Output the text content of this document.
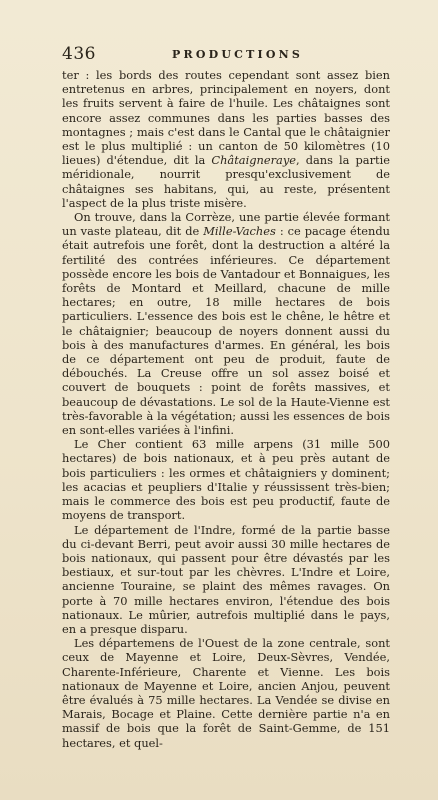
436	PRODUCTIONS

ter : les bords des routes cependant sont assez bien entretenus en arbres, principalement en noyers, dont les fruits servent à faire de l'huile. Les châtaignes sont encore assez communes dans les parties basses des montagnes ; mais c'est dans le Cantal que le châtaignier est le plus multiplié : un canton de 50 kilomètres (10 lieues) d'étendue, dit la Châtaigneraye, dans la partie méridionale, nourrit presqu'exclusivement de châtaignes ses habitans, qui, au reste, présentent l'aspect de la plus triste misère.

On trouve, dans la Corrèze, une partie élevée formant un vaste plateau, dit de Mille-Vaches : ce pacage étendu était autrefois une forêt, dont la destruction a altéré la fertilité des contrées inférieures. Ce département possède encore les bois de Vantadour et Bonnaigues, les forêts de Montard et Meillard, chacune de mille hectares; en outre, 18 mille hectares de bois particuliers. L'essence des bois est le chêne, le hêtre et le châtaignier; beaucoup de noyers donnent aussi du bois à des manufactures d'armes. En général, les bois de ce département ont peu de produit, faute de débouchés. La Creuse offre un sol assez boisé et couvert de bouquets : point de forêts massives, et beaucoup de dévastations. Le sol de la Haute-Vienne est très-favorable à la végétation; aussi les essences de bois en sont-elles variées à l'infini.

Le Cher contient 63 mille arpens (31 mille 500 hectares) de bois nationaux, et à peu près autant de bois particuliers : les ormes et châtaigniers y dominent; les acacias et peupliers d'Italie y réussissent très-bien; mais le commerce des bois est peu productif, faute de moyens de transport.

Le département de l'Indre, formé de la partie basse du ci-devant Berri, peut avoir aussi 30 mille hectares de bois nationaux, qui passent pour être dévastés par les bestiaux, et sur-tout par les chèvres. L'Indre et Loire, ancienne Touraine, se plaint des mêmes ravages. On porte à 70 mille hectares environ, l'étendue des bois nationaux. Le mûrier, autrefois multiplié dans le pays, en a presque disparu.

Les départemens de l'Ouest de la zone centrale, sont ceux de Mayenne et Loire, Deux-Sèvres, Vendée, Charente-Inférieure, Charente et Vienne. Les bois nationaux de Mayenne et Loire, ancien Anjou, peuvent être évalués à 75 mille hectares. La Vendée se divise en Marais, Bocage et Plaine. Cette dernière partie n'a en massif de bois que la forêt de Saint-Gemme, de 151 hectares, et quel-
